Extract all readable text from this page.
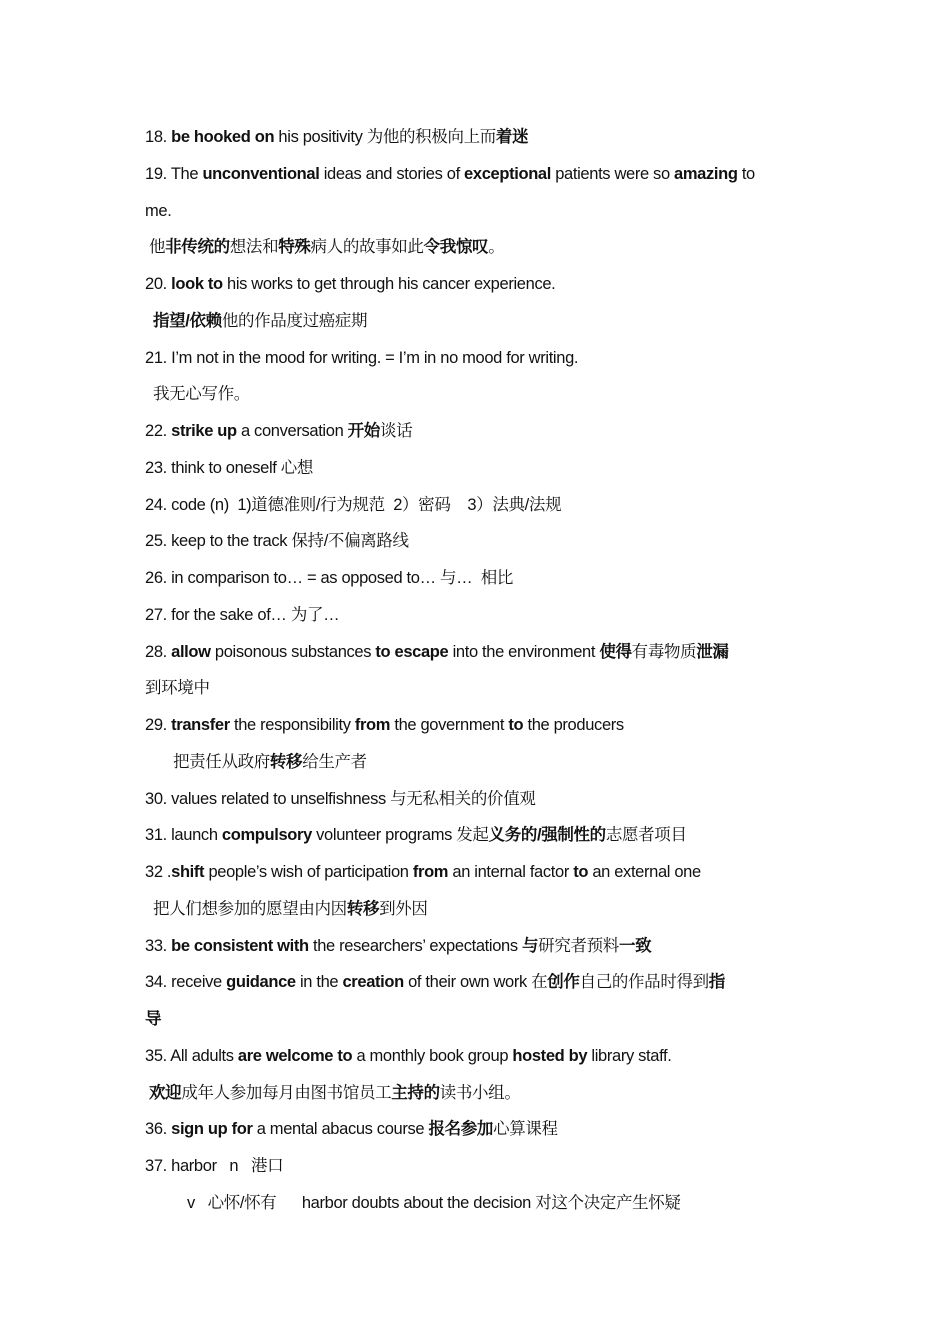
18. be hooked on his positivity 为他的积极向上而着迷
19. The unconventional ideas and stories of exceptional patients were so amazing to
me.
他非传统的想法和特殊病人的故事如此令我惊叹。
20. look to his works to get through his cancer experience.
指望/依赖他的作品度过癌症期
21. I’m not in the mood for writing. = I’m in no mood for writing.
我无心写作。
22. strike up a conversation 开始谈话
23. think to oneself 心想
24. code (n)  1)道德准则/行为规范  2）密码    3）法典/法规
25. keep to the track 保持/不偏离路线
26. in comparison to… = as opposed to… 与…  相比
27. for the sake of… 为了…
28. allow poisonous substances to escape into the environment 使得有毒物质泄漏
到环境中
29. transfer the responsibility from the government to the producers
把责任从政府转移给生产者
30. values related to unselfishness 与无私相关的价值观
31. launch compulsory volunteer programs 发起义务的/强制性的志愿者项目
32 .shift people’s wish of participation from an internal factor to an external one
把人们想参加的愿望由内因转移到外因
33. be consistent with the researchers’ expectations 与研究者预料一致
34. receive guidance in the creation of their own work 在创作自己的作品时得到指
导
35. All adults are welcome to a monthly book group hosted by library staff.
欢迎成年人参加每月由图书馆员工主持的读书小组。
36. sign up for a mental abacus course 报名参加心算课程
37. harbor   n   港口
v   心怀/怀有      harbor doubts about the decision 对这个决定产生怀疑
